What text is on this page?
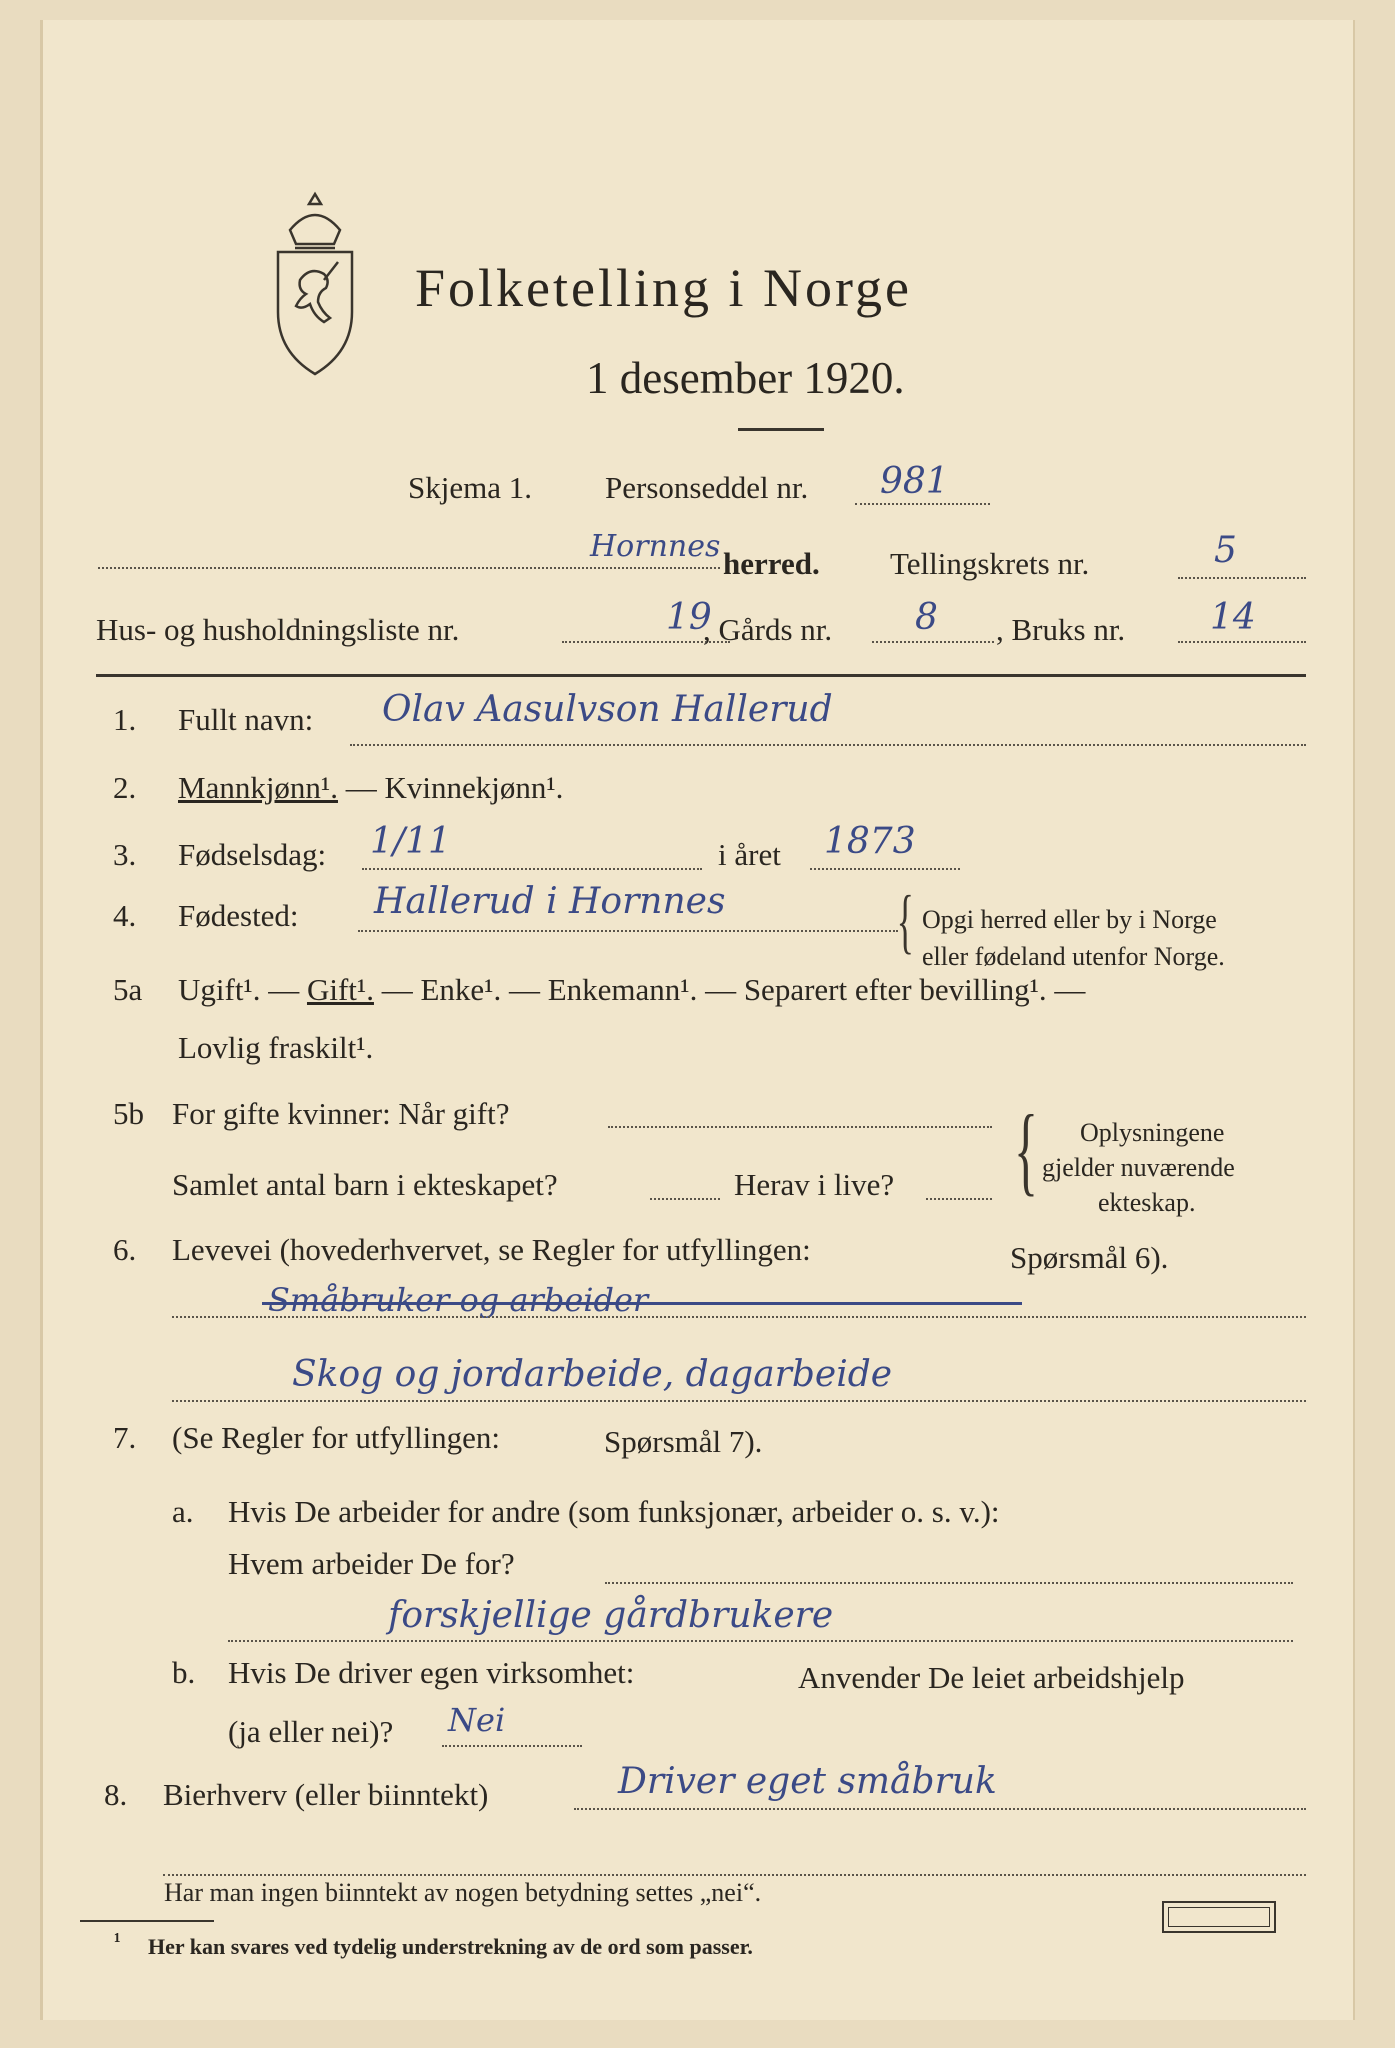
Folketelling i Norge
1 desember 1920.
Skjema 1. Personseddel nr. 981
Hornnes herred. Tellingskrets nr.	5
Hus- og husholdningsliste nr.	19
, Gårds nr. 8 , Bruks nr. 14
1. Fullt navn: Olav Aasulvson Hallerud
2. Mannkjønn¹. — Kvinnekjønn¹.
3. Fødselsdag: 1/11	i året 1873
4. Fødested: Hallerud i Hornnes { Opgi herred eller by i Norge
eller fødeland utenfor Norge.
5a Ugift¹. — Gift¹. — Enke¹. — Enkemann¹. — Separert efter bevilling¹. —
Lovlig fraskilt¹.
5b For gifte kvinner: Når gift?
Samlet antal barn i ekteskapet?	Herav i live? { Oplysningene
gjelder nuværende
ekteskap.
6. Levevei (hovederhvervet, se Regler for utfyllingen:	Spørsmål 6).
Småbruker og arbeider
Skog og jordarbeide, dagarbeide
7. (Se Regler for utfyllingen:	Spørsmål 7).
a. Hvis De arbeider for andre (som funksjonær, arbeider o. s. v.):
Hvem arbeider De for?
forskjellige gårdbrukere
b. Hvis De driver egen virksomhet:	Anvender De leiet arbeidshjelp
(ja eller nei)? Nei
8. Bierhverv (eller biinntekt)	Driver eget småbruk
Har man ingen biinntekt av nogen betydning settes „nei“.
¹ Her kan svares ved tydelig understrekning av de ord som passer.
